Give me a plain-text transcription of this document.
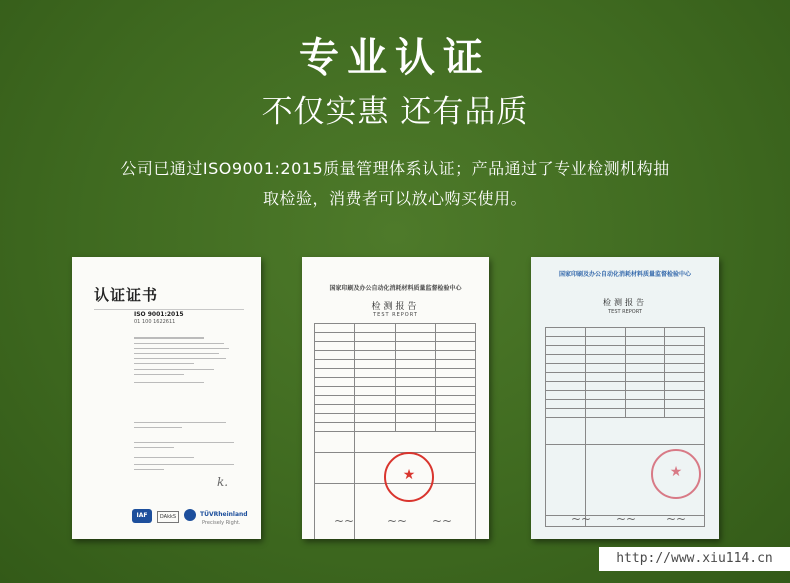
专业认证
不仅实惠 还有品质
公司已通过ISO9001:2015质量管理体系认证；产品通过了专业检测机构抽
取检验，消费者可以放心购买使用。
认证证书
ISO 9001:2015
01 100 1622611
k.
IAF	DAkkS	TÜVRheinland
Precisely Right.
国家印刷及办公自动化消耗材料质量监督检验中心
检测报告
TEST REPORT

★
~~	~~ ~~
国家印刷及办公自动化消耗材料质量监督检验中心
检测报告
TEST REPORT

★
~~ ~~ ~~
http://www.xiu114.cn
